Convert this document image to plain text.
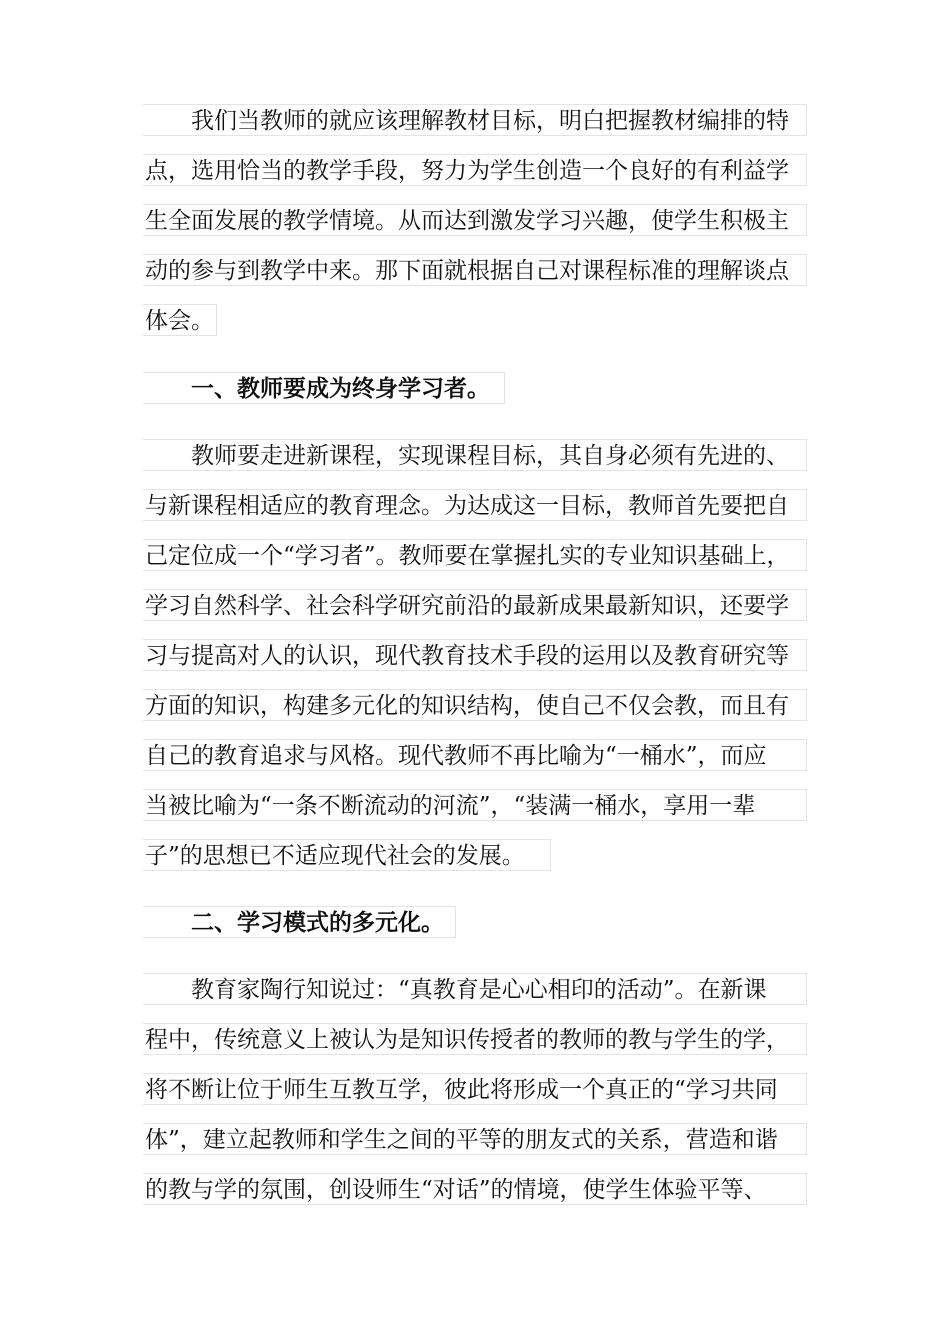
我们当教师的就应该理解教材目标，明白把握教材编排的特
点，选用恰当的教学手段，努力为学生创造一个良好的有利益学
生全面发展的教学情境。从而达到激发学习兴趣，使学生积极主
动的参与到教学中来。那下面就根据自己对课程标准的理解谈点
体会。
一、教师要成为终身学习者。
教师要走进新课程，实现课程目标，其自身必须有先进的、
与新课程相适应的教育理念。为达成这一目标，教师首先要把自
己定位成一个“学习者”。教师要在掌握扎实的专业知识基础上，
学习自然科学、社会科学研究前沿的最新成果最新知识，还要学
习与提高对人的认识，现代教育技术手段的运用以及教育研究等
方面的知识，构建多元化的知识结构，使自己不仅会教，而且有
自己的教育追求与风格。现代教师不再比喻为“一桶水”，而应
当被比喻为“一条不断流动的河流”，“装满一桶水，享用一辈
子”的思想已不适应现代社会的发展。
二、学习模式的多元化。
教育家陶行知说过：“真教育是心心相印的活动”。在新课
程中，传统意义上被认为是知识传授者的教师的教与学生的学，
将不断让位于师生互教互学，彼此将形成一个真正的“学习共同
体”，建立起教师和学生之间的平等的朋友式的关系，营造和谐
的教与学的氛围，创设师生“对话”的情境，使学生体验平等、
